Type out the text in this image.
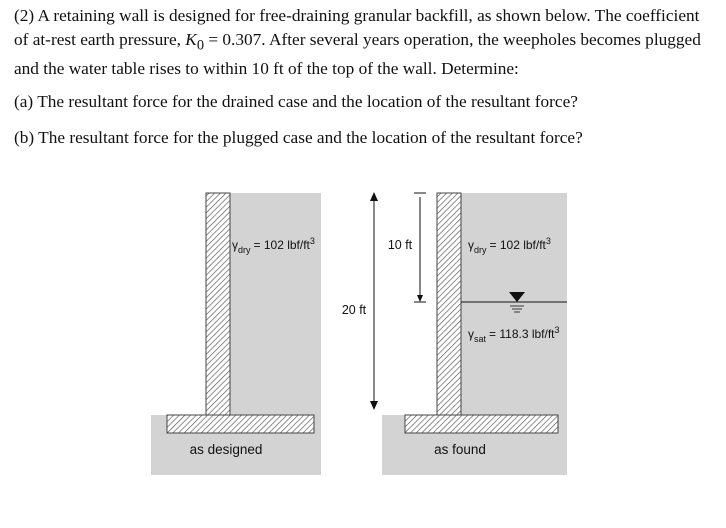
(2) A retaining wall is designed for free-draining granular backfill, as shown below. The coefficient of at-rest earth pressure, $K_0 = 0.307$. After several years operation, the weepholes becomes plugged and the water table rises to within 10 ft of the top of the wall. Determine:

(a) The resultant force for the drained case and the location of the resultant force?

(b) The resultant force for the plugged case and the location of the resultant force?

$\gamma_{dry} = 102$ lbf/$ft^3$
as designed
20 ft
10 ft	$\gamma_{dry} = 102$ lbf/$ft^3$
$\gamma_{sat} = 118.3$ lbf/$ft^3$
as found
